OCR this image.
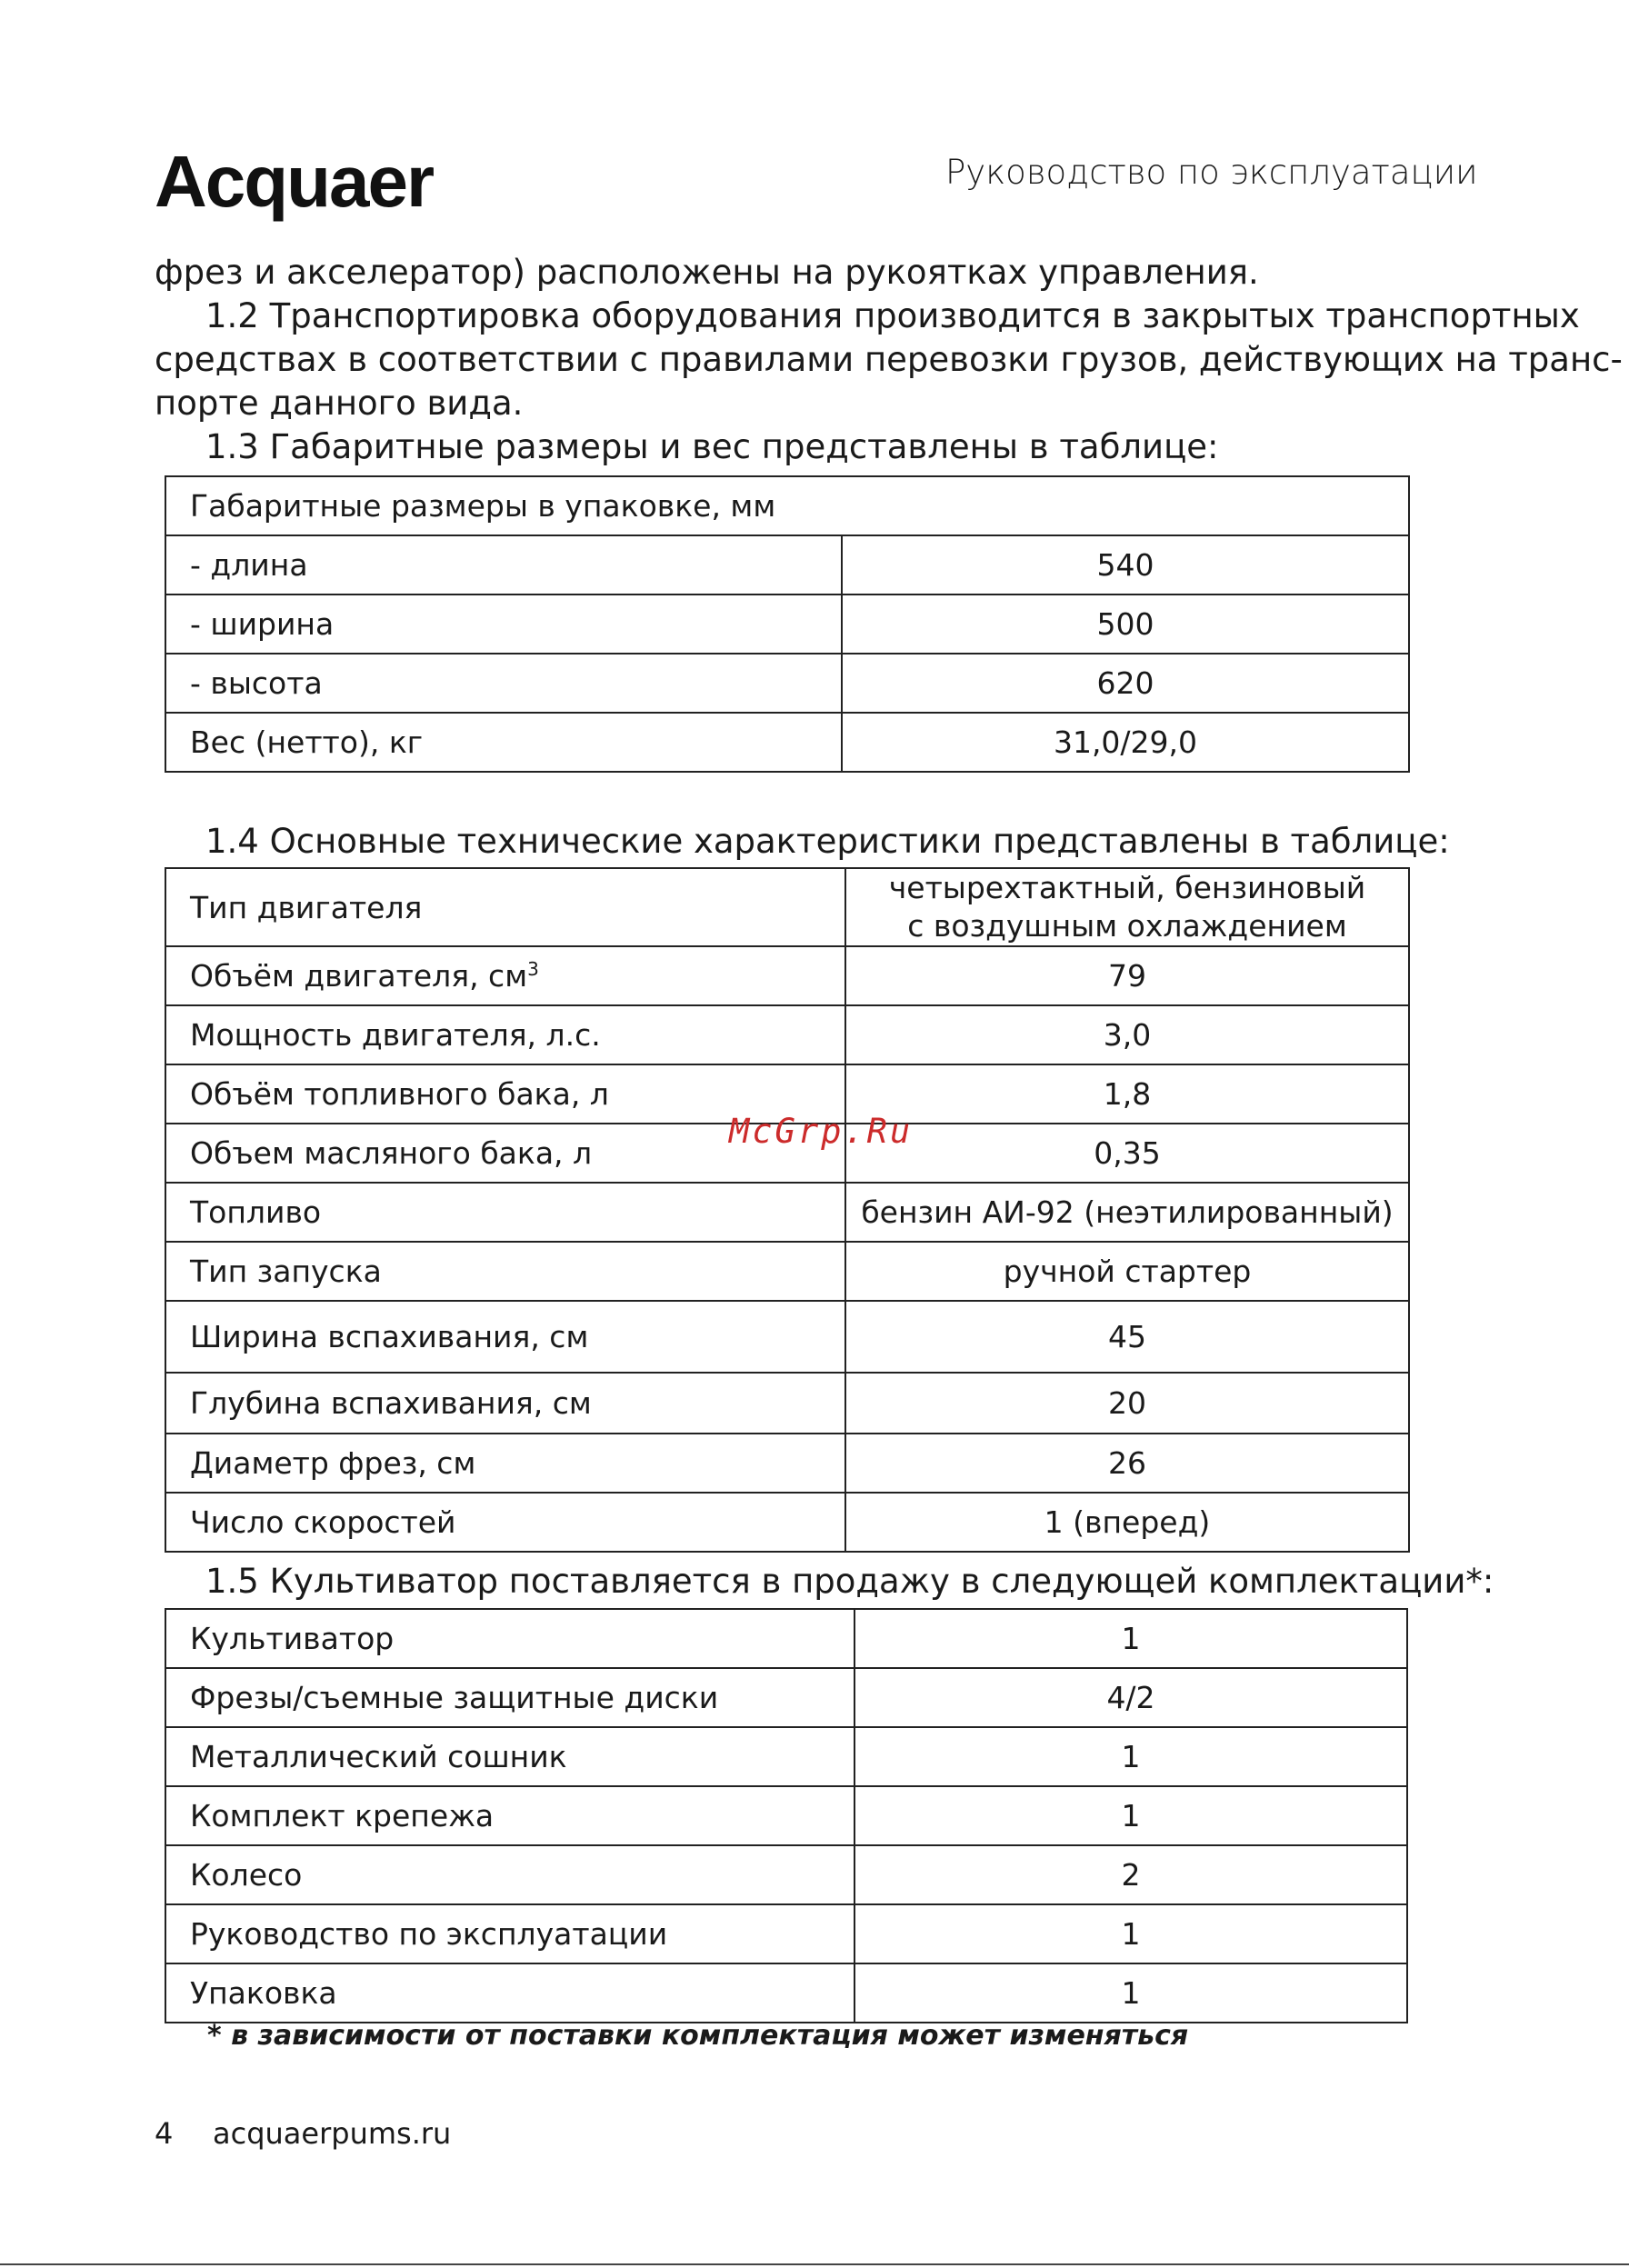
Acquaer	Руководство по эксплуатации
фрез и акселератор) расположены на рукоятках управления.
1.2 Транспортировка оборудования производится в закрытых транспортных
средствах в соответствии с правилами перевозки грузов, действующих на транс-
порте данного вида.
1.3 Габаритные размеры и вес представлены в таблице:
Габаритные размеры в упаковке, мм	
- длина	540
- ширина	500
- высота	620
Вес (нетто), кг	31,0/29,0
1.4 Основные технические характеристики представлены в таблице:
Тип двигателя	четырехтактный, бензиновый
с воздушным охлаждением

Объём двигателя, $см^3$	79
Мощность двигателя, л.с.	3,0
Объём топливного бака, л	1,8
Объем масляного бака, л	0,35
Топливо	бензин АИ-92 (неэтилированный)
Тип запуска	ручной стартер
Ширина вспахивания, см	45
Глубина вспахивания, см	20
Диаметр фрез, см	26
Число скоростей	1 (вперед)
1.5 Культиватор поставляется в продажу в следующей комплектации*:
Культиватор	1
Фрезы/съемные защитные диски	4/2
Металлический сошник	1
Комплект крепежа	1
Колесо	2
Руководство по эксплуатации	1
Упаковка	1
* в зависимости от поставки комплектация может изменяться
McGrp.Ru
4 acquaerpums.ru
